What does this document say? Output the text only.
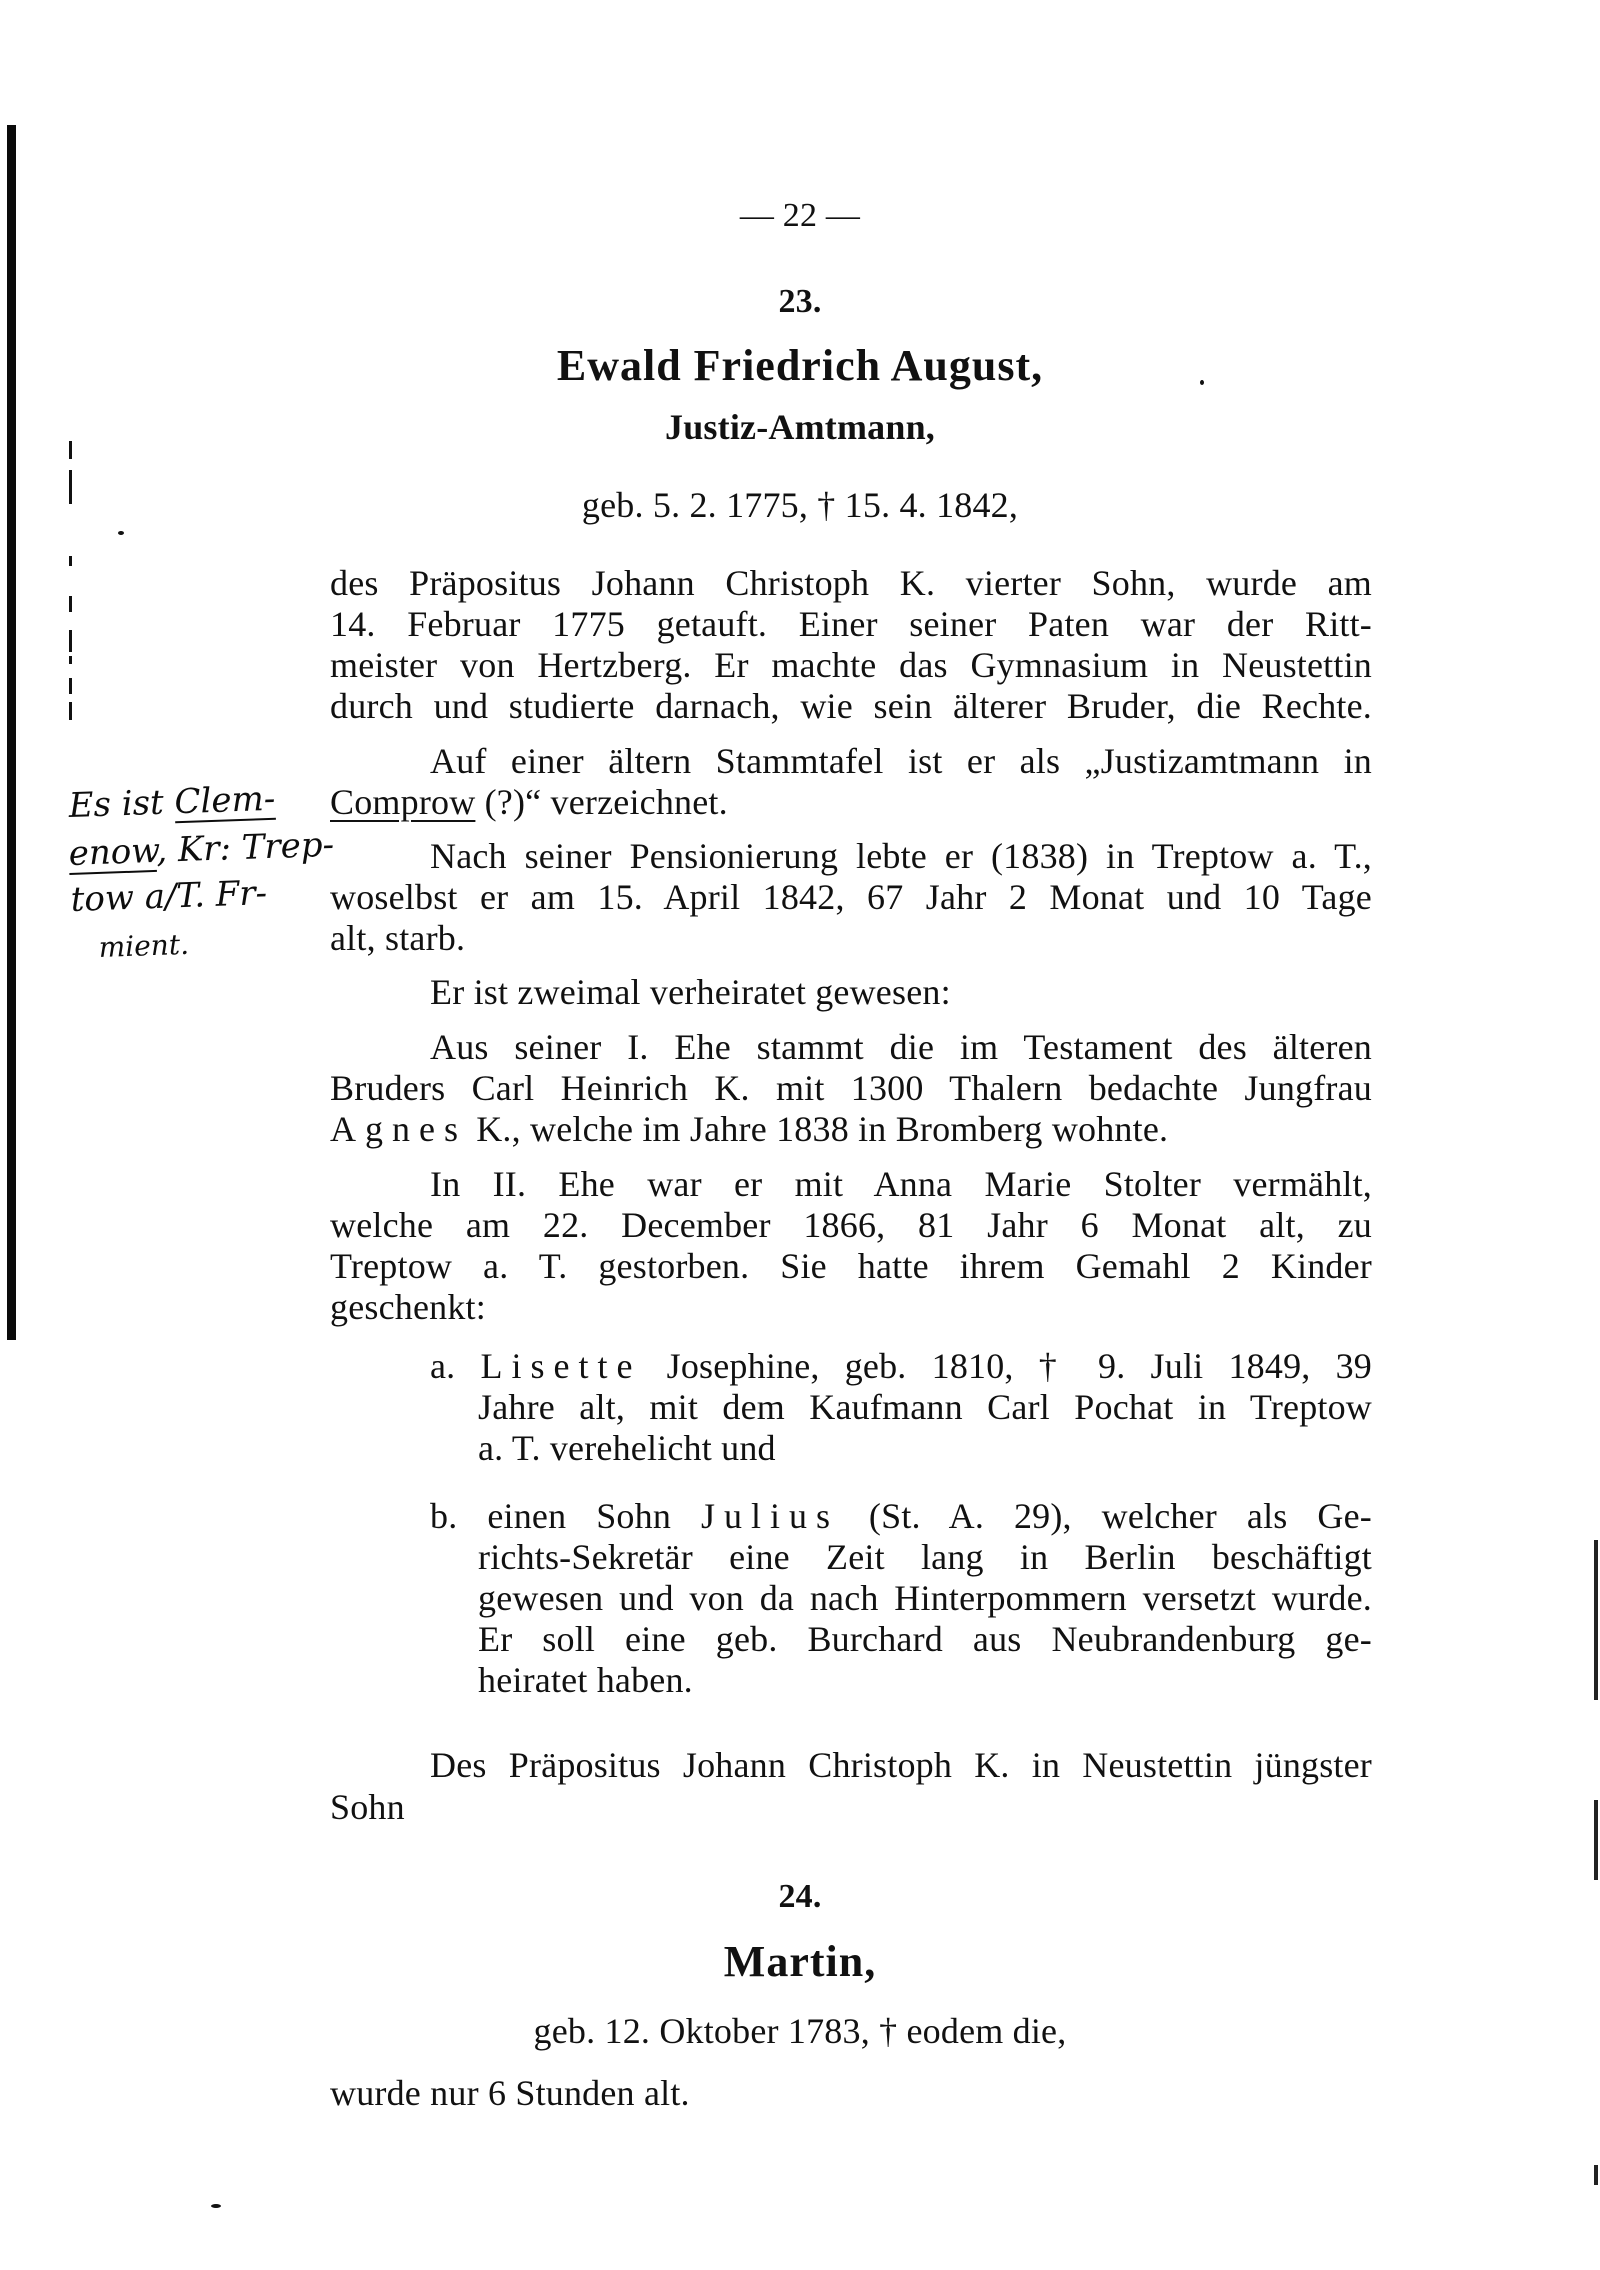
— 22 —
23.
Ewald Friedrich August,
Justiz-Amtmann,
geb. 5. 2. 1775, † 15. 4. 1842,
des Präpositus Johann Christoph K. vierter Sohn, wurde am
14. Februar 1775 getauft. Einer seiner Paten war der Ritt-
meister von Hertzberg. Er machte das Gymnasium in Neustettin
durch und studierte darnach, wie sein älterer Bruder, die Rechte.
Auf einer ältern Stammtafel ist er als „Justizamtmann in
Comprow (?)“ verzeichnet.
Nach seiner Pensionierung lebte er (1838) in Treptow a. T.,
woselbst er am 15. April 1842, 67 Jahr 2 Monat und 10 Tage
alt, starb.
Er ist zweimal verheiratet gewesen:
Aus seiner I. Ehe stammt die im Testament des älteren
Bruders Carl Heinrich K. mit 1300 Thalern bedachte Jungfrau
Agnes K., welche im Jahre 1838 in Bromberg wohnte.
In II. Ehe war er mit Anna Marie Stolter vermählt,
welche am 22. December 1866, 81 Jahr 6 Monat alt, zu
Treptow a. T. gestorben. Sie hatte ihrem Gemahl 2 Kinder
geschenkt:
a. Lisette Josephine, geb. 1810, † 9. Juli 1849, 39
Jahre alt, mit dem Kaufmann Carl Pochat in Treptow
a. T. verehelicht und
b. einen Sohn Julius (St. A. 29), welcher als Ge-
richts-Sekretär eine Zeit lang in Berlin beschäftigt
gewesen und von da nach Hinterpommern versetzt wurde.
Er soll eine geb. Burchard aus Neubrandenburg ge-
heiratet haben.
Des Präpositus Johann Christoph K. in Neustettin jüngster
Sohn
24.
Martin,
geb. 12. Oktober 1783, † eodem die,
wurde nur 6 Stunden alt.
Es ist Clem-
enow, Kr: Trep-
tow a/T. Fr-
mient.
